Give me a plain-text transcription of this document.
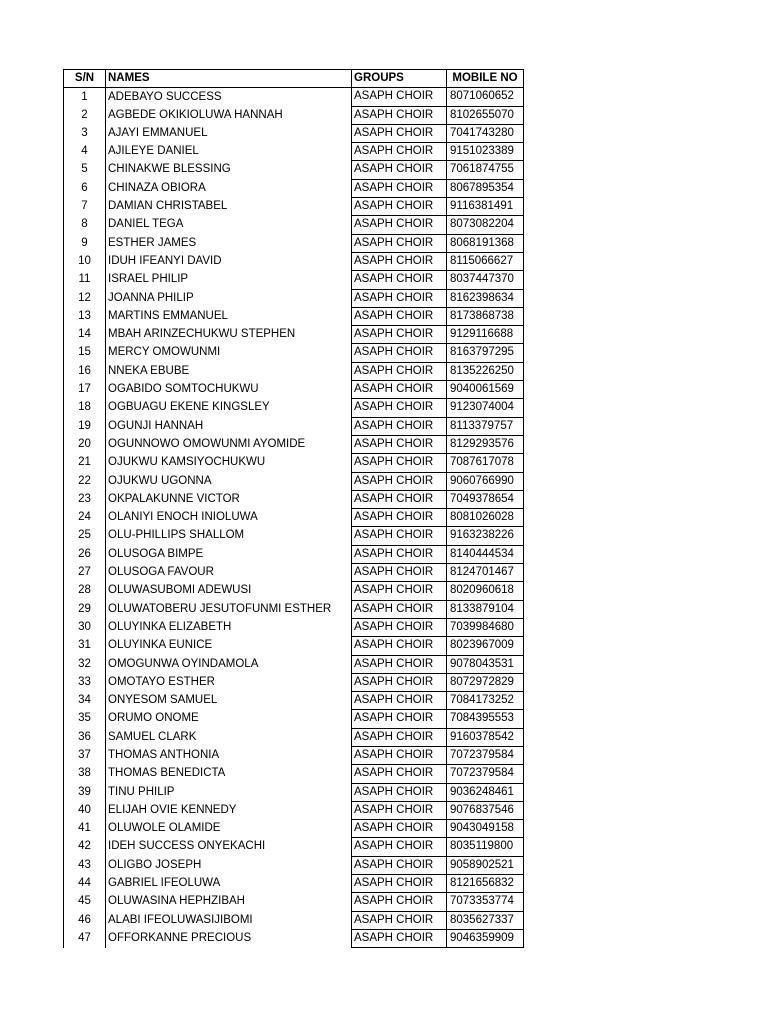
S/N	NAMES	GROUPS	MOBILE NO
1	ADEBAYO SUCCESS	ASAPH CHOIR	8071060652
2	AGBEDE OKIKIOLUWA HANNAH	ASAPH CHOIR	8102655070
3	AJAYI EMMANUEL	ASAPH CHOIR	7041743280
4	AJILEYE DANIEL	ASAPH CHOIR	9151023389
5	CHINAKWE BLESSING	ASAPH CHOIR	7061874755
6	CHINAZA OBIORA	ASAPH CHOIR	8067895354
7	DAMIAN CHRISTABEL	ASAPH CHOIR	9116381491
8	DANIEL TEGA	ASAPH CHOIR	8073082204
9	ESTHER JAMES	ASAPH CHOIR	8068191368
10	IDUH IFEANYI DAVID	ASAPH CHOIR	8115066627
11	ISRAEL PHILIP	ASAPH CHOIR	8037447370
12	JOANNA PHILIP	ASAPH CHOIR	8162398634
13	MARTINS EMMANUEL	ASAPH CHOIR	8173868738
14	MBAH ARINZECHUKWU STEPHEN	ASAPH CHOIR	9129116688
15	MERCY OMOWUNMI	ASAPH CHOIR	8163797295
16	NNEKA EBUBE	ASAPH CHOIR	8135226250
17	OGABIDO SOMTOCHUKWU	ASAPH CHOIR	9040061569
18	OGBUAGU EKENE KINGSLEY	ASAPH CHOIR	9123074004
19	OGUNJI HANNAH	ASAPH CHOIR	8113379757
20	OGUNNOWO OMOWUNMI AYOMIDE	ASAPH CHOIR	8129293576
21	OJUKWU KAMSIYOCHUKWU	ASAPH CHOIR	7087617078
22	OJUKWU UGONNA	ASAPH CHOIR	9060766990
23	OKPALAKUNNE VICTOR	ASAPH CHOIR	7049378654
24	OLANIYI ENOCH INIOLUWA	ASAPH CHOIR	8081026028
25	OLU-PHILLIPS SHALLOM	ASAPH CHOIR	9163238226
26	OLUSOGA BIMPE	ASAPH CHOIR	8140444534
27	OLUSOGA FAVOUR	ASAPH CHOIR	8124701467
28	OLUWASUBOMI ADEWUSI	ASAPH CHOIR	8020960618
29	OLUWATOBERU JESUTOFUNMI ESTHER	ASAPH CHOIR	8133879104
30	OLUYINKA ELIZABETH	ASAPH CHOIR	7039984680
31	OLUYINKA EUNICE	ASAPH CHOIR	8023967009
32	OMOGUNWA OYINDAMOLA	ASAPH CHOIR	9078043531
33	OMOTAYO ESTHER	ASAPH CHOIR	8072972829
34	ONYESOM SAMUEL	ASAPH CHOIR	7084173252
35	ORUMO ONOME	ASAPH CHOIR	7084395553
36	SAMUEL CLARK	ASAPH CHOIR	9160378542
37	THOMAS ANTHONIA	ASAPH CHOIR	7072379584
38	THOMAS BENEDICTA	ASAPH CHOIR	7072379584
39	TINU PHILIP	ASAPH CHOIR	9036248461
40	ELIJAH OVIE KENNEDY	ASAPH CHOIR	9076837546
41	OLUWOLE OLAMIDE	ASAPH CHOIR	9043049158
42	IDEH SUCCESS ONYEKACHI	ASAPH CHOIR	8035119800
43	OLIGBO JOSEPH	ASAPH CHOIR	9058902521
44	GABRIEL IFEOLUWA	ASAPH CHOIR	8121656832
45	OLUWASINA HEPHZIBAH	ASAPH CHOIR	7073353774
46	ALABI IFEOLUWASIJIBOMI	ASAPH CHOIR	8035627337
47	OFFORKANNE PRECIOUS	ASAPH CHOIR	9046359909
